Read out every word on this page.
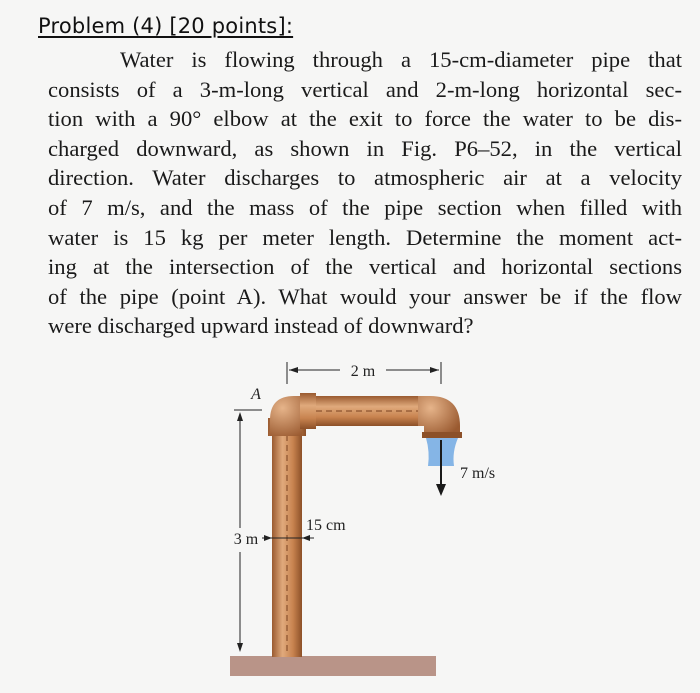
Problem (4) [20 points]:
Water is flowing through a 15-cm-diameter pipe that
consists of a 3-m-long vertical and 2-m-long horizontal sec-
tion with a 90° elbow at the exit to force the water to be dis-
charged downward, as shown in Fig. P6–52, in the vertical
direction. Water discharges to atmospheric air at a velocity
of 7 m/s, and the mass of the pipe section when filled with
water is 15 kg per meter length. Determine the moment act-
ing at the intersection of the vertical and horizontal sections
of the pipe (point A). What would your answer be if the flow
were discharged upward instead of downward?
2 m
A
3 m
15 cm
7 m/s
